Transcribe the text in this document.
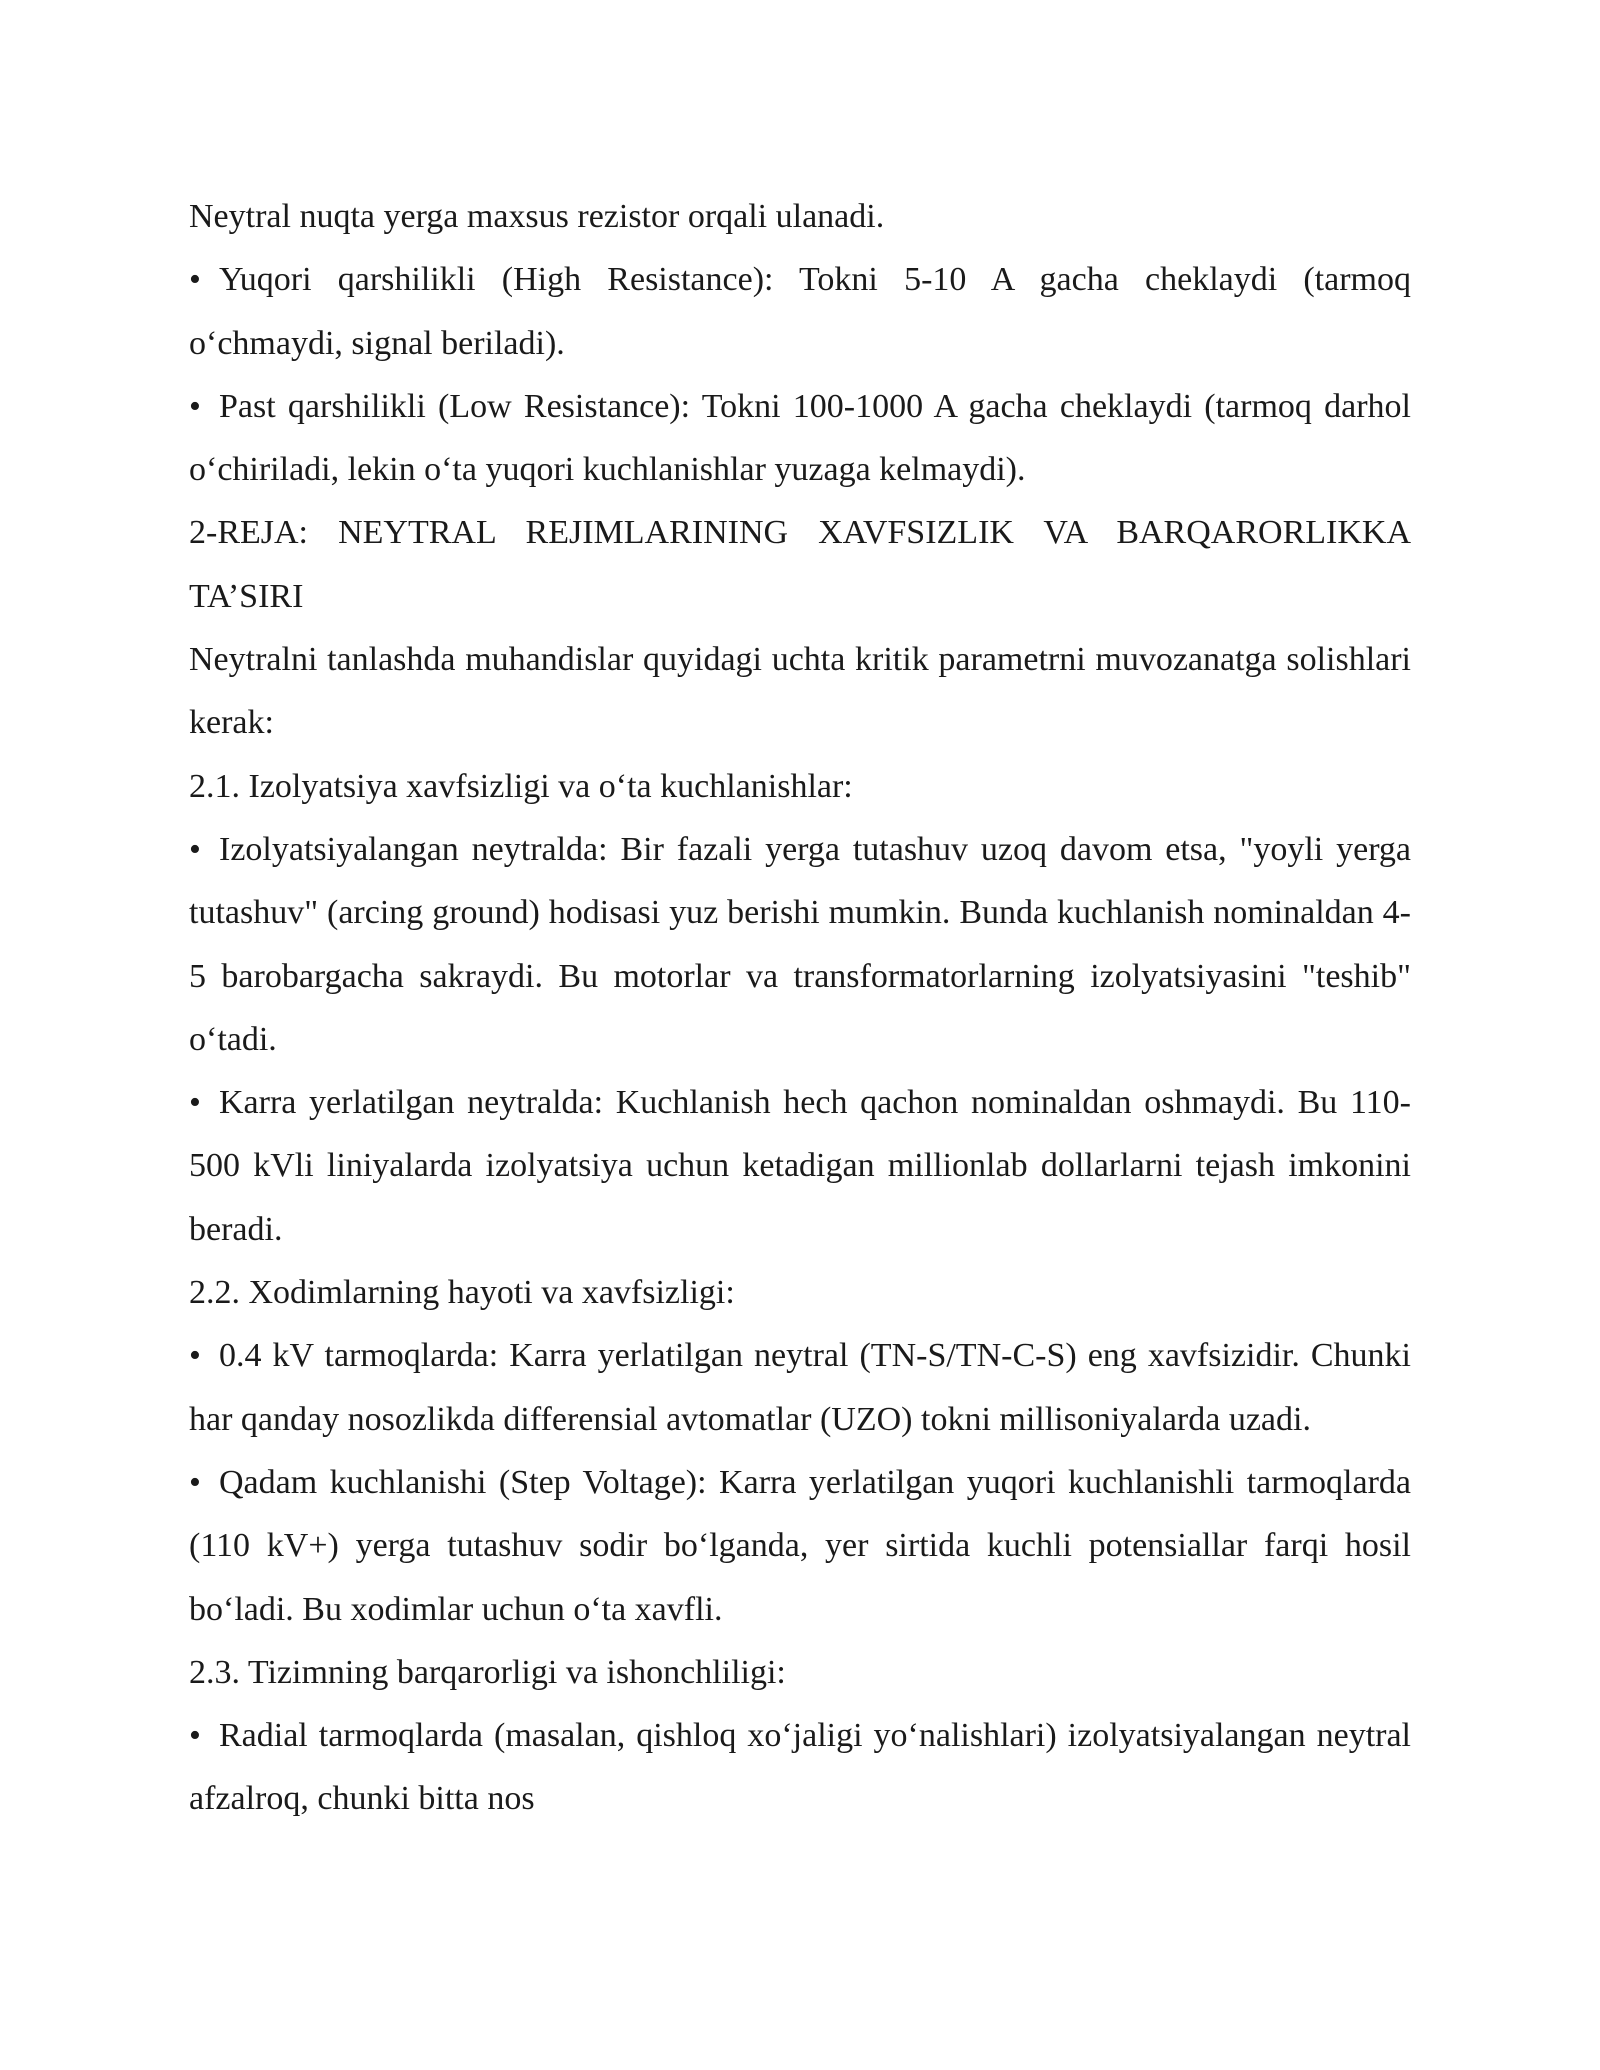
Neytral nuqta yerga maxsus rezistor orqali ulanadi.

• Yuqori qarshilikli (High Resistance): Tokni 5-10 A gacha cheklaydi (tarmoq o‘chmaydi, signal beriladi).

• Past qarshilikli (Low Resistance): Tokni 100-1000 A gacha cheklaydi (tarmoq darhol o‘chiriladi, lekin o‘ta yuqori kuchlanishlar yuzaga kelmaydi).

2-REJA: NEYTRAL REJIMLARINING XAVFSIZLIK VA BARQARORLIKKA TA’SIRI

Neytralni tanlashda muhandislar quyidagi uchta kritik parametrni muvozanatga solishlari kerak:

2.1. Izolyatsiya xavfsizligi va o‘ta kuchlanishlar:

• Izolyatsiyalangan neytralda: Bir fazali yerga tutashuv uzoq davom etsa, "yoyli yerga tutashuv" (arcing ground) hodisasi yuz berishi mumkin. Bunda kuchlanish nominaldan 4-5 barobargacha sakraydi. Bu motorlar va transformatorlarning izolyatsiyasini "teshib" o‘tadi.

• Karra yerlatilgan neytralda: Kuchlanish hech qachon nominaldan oshmaydi. Bu 110-500 kVli liniyalarda izolyatsiya uchun ketadigan millionlab dollarlarni tejash imkonini beradi.

2.2. Xodimlarning hayoti va xavfsizligi:

• 0.4 kV tarmoqlarda: Karra yerlatilgan neytral (TN-S/TN-C-S) eng xavfsizidir. Chunki har qanday nosozlikda differensial avtomatlar (UZO) tokni millisoniyalarda uzadi.

• Qadam kuchlanishi (Step Voltage): Karra yerlatilgan yuqori kuchlanishli tarmoqlarda (110 kV+) yerga tutashuv sodir bo‘lganda, yer sirtida kuchli potensiallar farqi hosil bo‘ladi. Bu xodimlar uchun o‘ta xavfli.

2.3. Tizimning barqarorligi va ishonchliligi:

• Radial tarmoqlarda (masalan, qishloq xo‘jaligi yo‘nalishlari) izolyatsiyalangan neytral afzalroq, chunki bitta nos
